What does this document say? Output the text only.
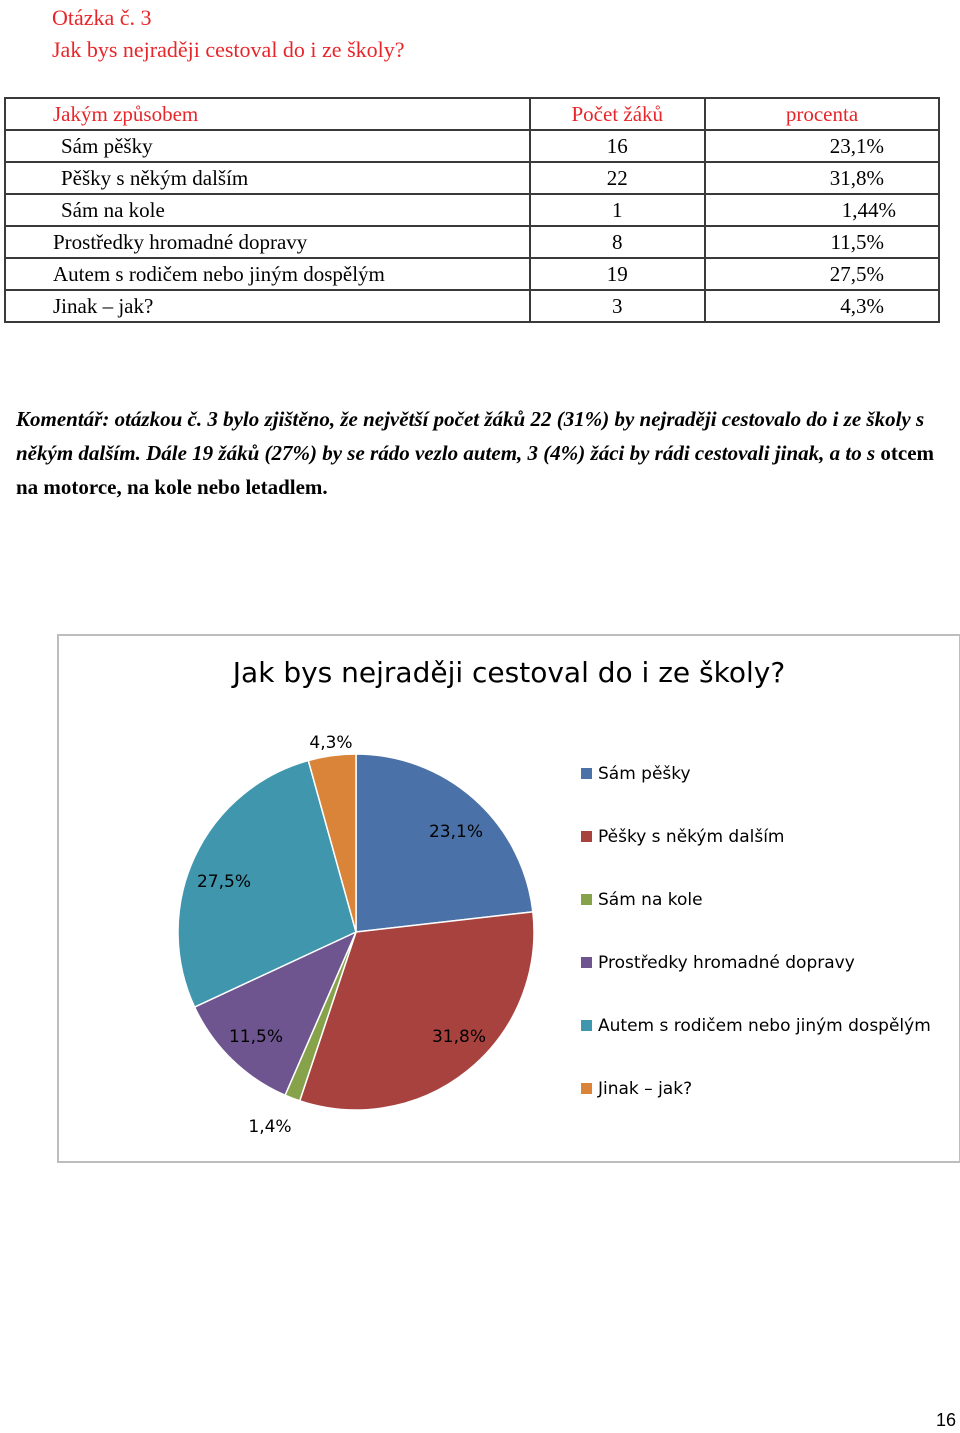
Otázka č. 3
Jak bys nejraději cestoval do i ze školy?
Jakým způsobem	Počet žáků	procenta
Sám pěšky	16	23,1%
Pěšky s někým dalším	22	31,8%
Sám na kole	1	1,44%
Prostředky hromadné dopravy	8	11,5%
Autem s rodičem nebo jiným dospělým	19	27,5%
Jinak – jak?	3	4,3%
Komentář: otázkou č. 3 bylo zjištěno, že největší počet žáků 22 (31%) by nejraději cestovalo do i ze školy s někým dalším. Dále 19 žáků (27%) by se rádo vezlo autem, 3 (4%) žáci by rádi cestovali jinak, a to s otcem na motorce, na kole nebo letadlem.
Jak bys nejraději cestoval do i ze školy?
23,1%
31,8%
1,4%
11,5%
27,5%
4,3%
Sám pěšky
Pěšky s někým dalším
Sám na kole
Prostředky hromadné dopravy
Autem s rodičem nebo jiným dospělým
Jinak – jak?
16
